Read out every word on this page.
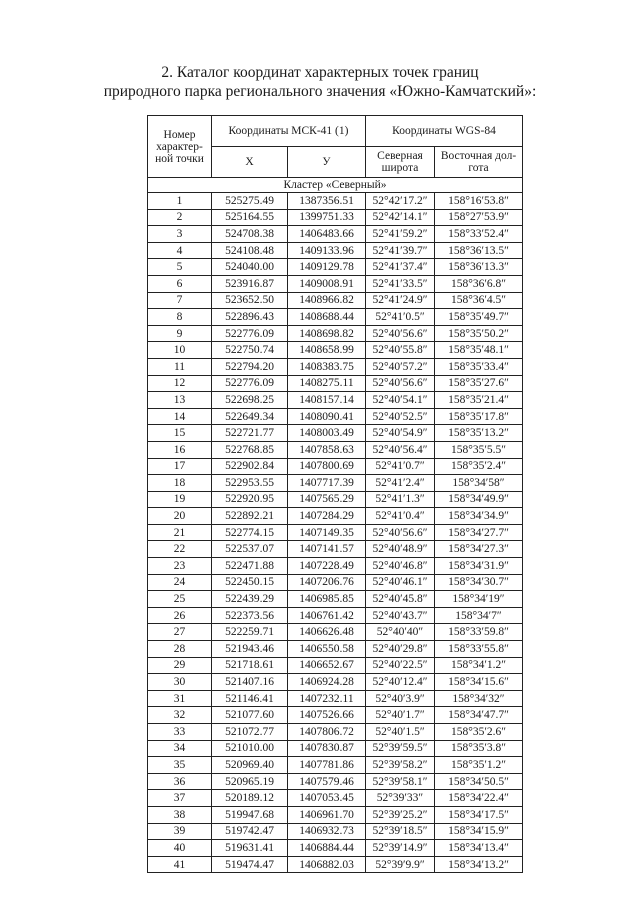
2. Каталог координат характерных точек границ
природного парка регионального значения «Южно-Камчатский»:
Номер характер-ной точки	Координаты МСК-41 (1)		Координаты WGS-84	
	X	У	Северная широта	Восточная дол-гота
Кластер «Северный»				
1	525275.49	1387356.51	52°42′17.2″	158°16′53.8″
2	525164.55	1399751.33	52°42′14.1″	158°27′53.9″
3	524708.38	1406483.66	52°41′59.2″	158°33′52.4″
4	524108.48	1409133.96	52°41′39.7″	158°36′13.5″
5	524040.00	1409129.78	52°41′37.4″	158°36′13.3″
6	523916.87	1409008.91	52°41′33.5″	158°36′6.8″
7	523652.50	1408966.82	52°41′24.9″	158°36′4.5″
8	522896.43	1408688.44	52°41′0.5″	158°35′49.7″
9	522776.09	1408698.82	52°40′56.6″	158°35′50.2″
10	522750.74	1408658.99	52°40′55.8″	158°35′48.1″
11	522794.20	1408383.75	52°40′57.2″	158°35′33.4″
12	522776.09	1408275.11	52°40′56.6″	158°35′27.6″
13	522698.25	1408157.14	52°40′54.1″	158°35′21.4″
14	522649.34	1408090.41	52°40′52.5″	158°35′17.8″
15	522721.77	1408003.49	52°40′54.9″	158°35′13.2″
16	522768.85	1407858.63	52°40′56.4″	158°35′5.5″
17	522902.84	1407800.69	52°41′0.7″	158°35′2.4″
18	522953.55	1407717.39	52°41′2.4″	158°34′58″
19	522920.95	1407565.29	52°41′1.3″	158°34′49.9″
20	522892.21	1407284.29	52°41′0.4″	158°34′34.9″
21	522774.15	1407149.35	52°40′56.6″	158°34′27.7″
22	522537.07	1407141.57	52°40′48.9″	158°34′27.3″
23	522471.88	1407228.49	52°40′46.8″	158°34′31.9″
24	522450.15	1407206.76	52°40′46.1″	158°34′30.7″
25	522439.29	1406985.85	52°40′45.8″	158°34′19″
26	522373.56	1406761.42	52°40′43.7″	158°34′7″
27	522259.71	1406626.48	52°40′40″	158°33′59.8″
28	521943.46	1406550.58	52°40′29.8″	158°33′55.8″
29	521718.61	1406652.67	52°40′22.5″	158°34′1.2″
30	521407.16	1406924.28	52°40′12.4″	158°34′15.6″
31	521146.41	1407232.11	52°40′3.9″	158°34′32″
32	521077.60	1407526.66	52°40′1.7″	158°34′47.7″
33	521072.77	1407806.72	52°40′1.5″	158°35′2.6″
34	521010.00	1407830.87	52°39′59.5″	158°35′3.8″
35	520969.40	1407781.86	52°39′58.2″	158°35′1.2″
36	520965.19	1407579.46	52°39′58.1″	158°34′50.5″
37	520189.12	1407053.45	52°39′33″	158°34′22.4″
38	519947.68	1406961.70	52°39′25.2″	158°34′17.5″
39	519742.47	1406932.73	52°39′18.5″	158°34′15.9″
40	519631.41	1406884.44	52°39′14.9″	158°34′13.4″
41	519474.47	1406882.03	52°39′9.9″	158°34′13.2″
